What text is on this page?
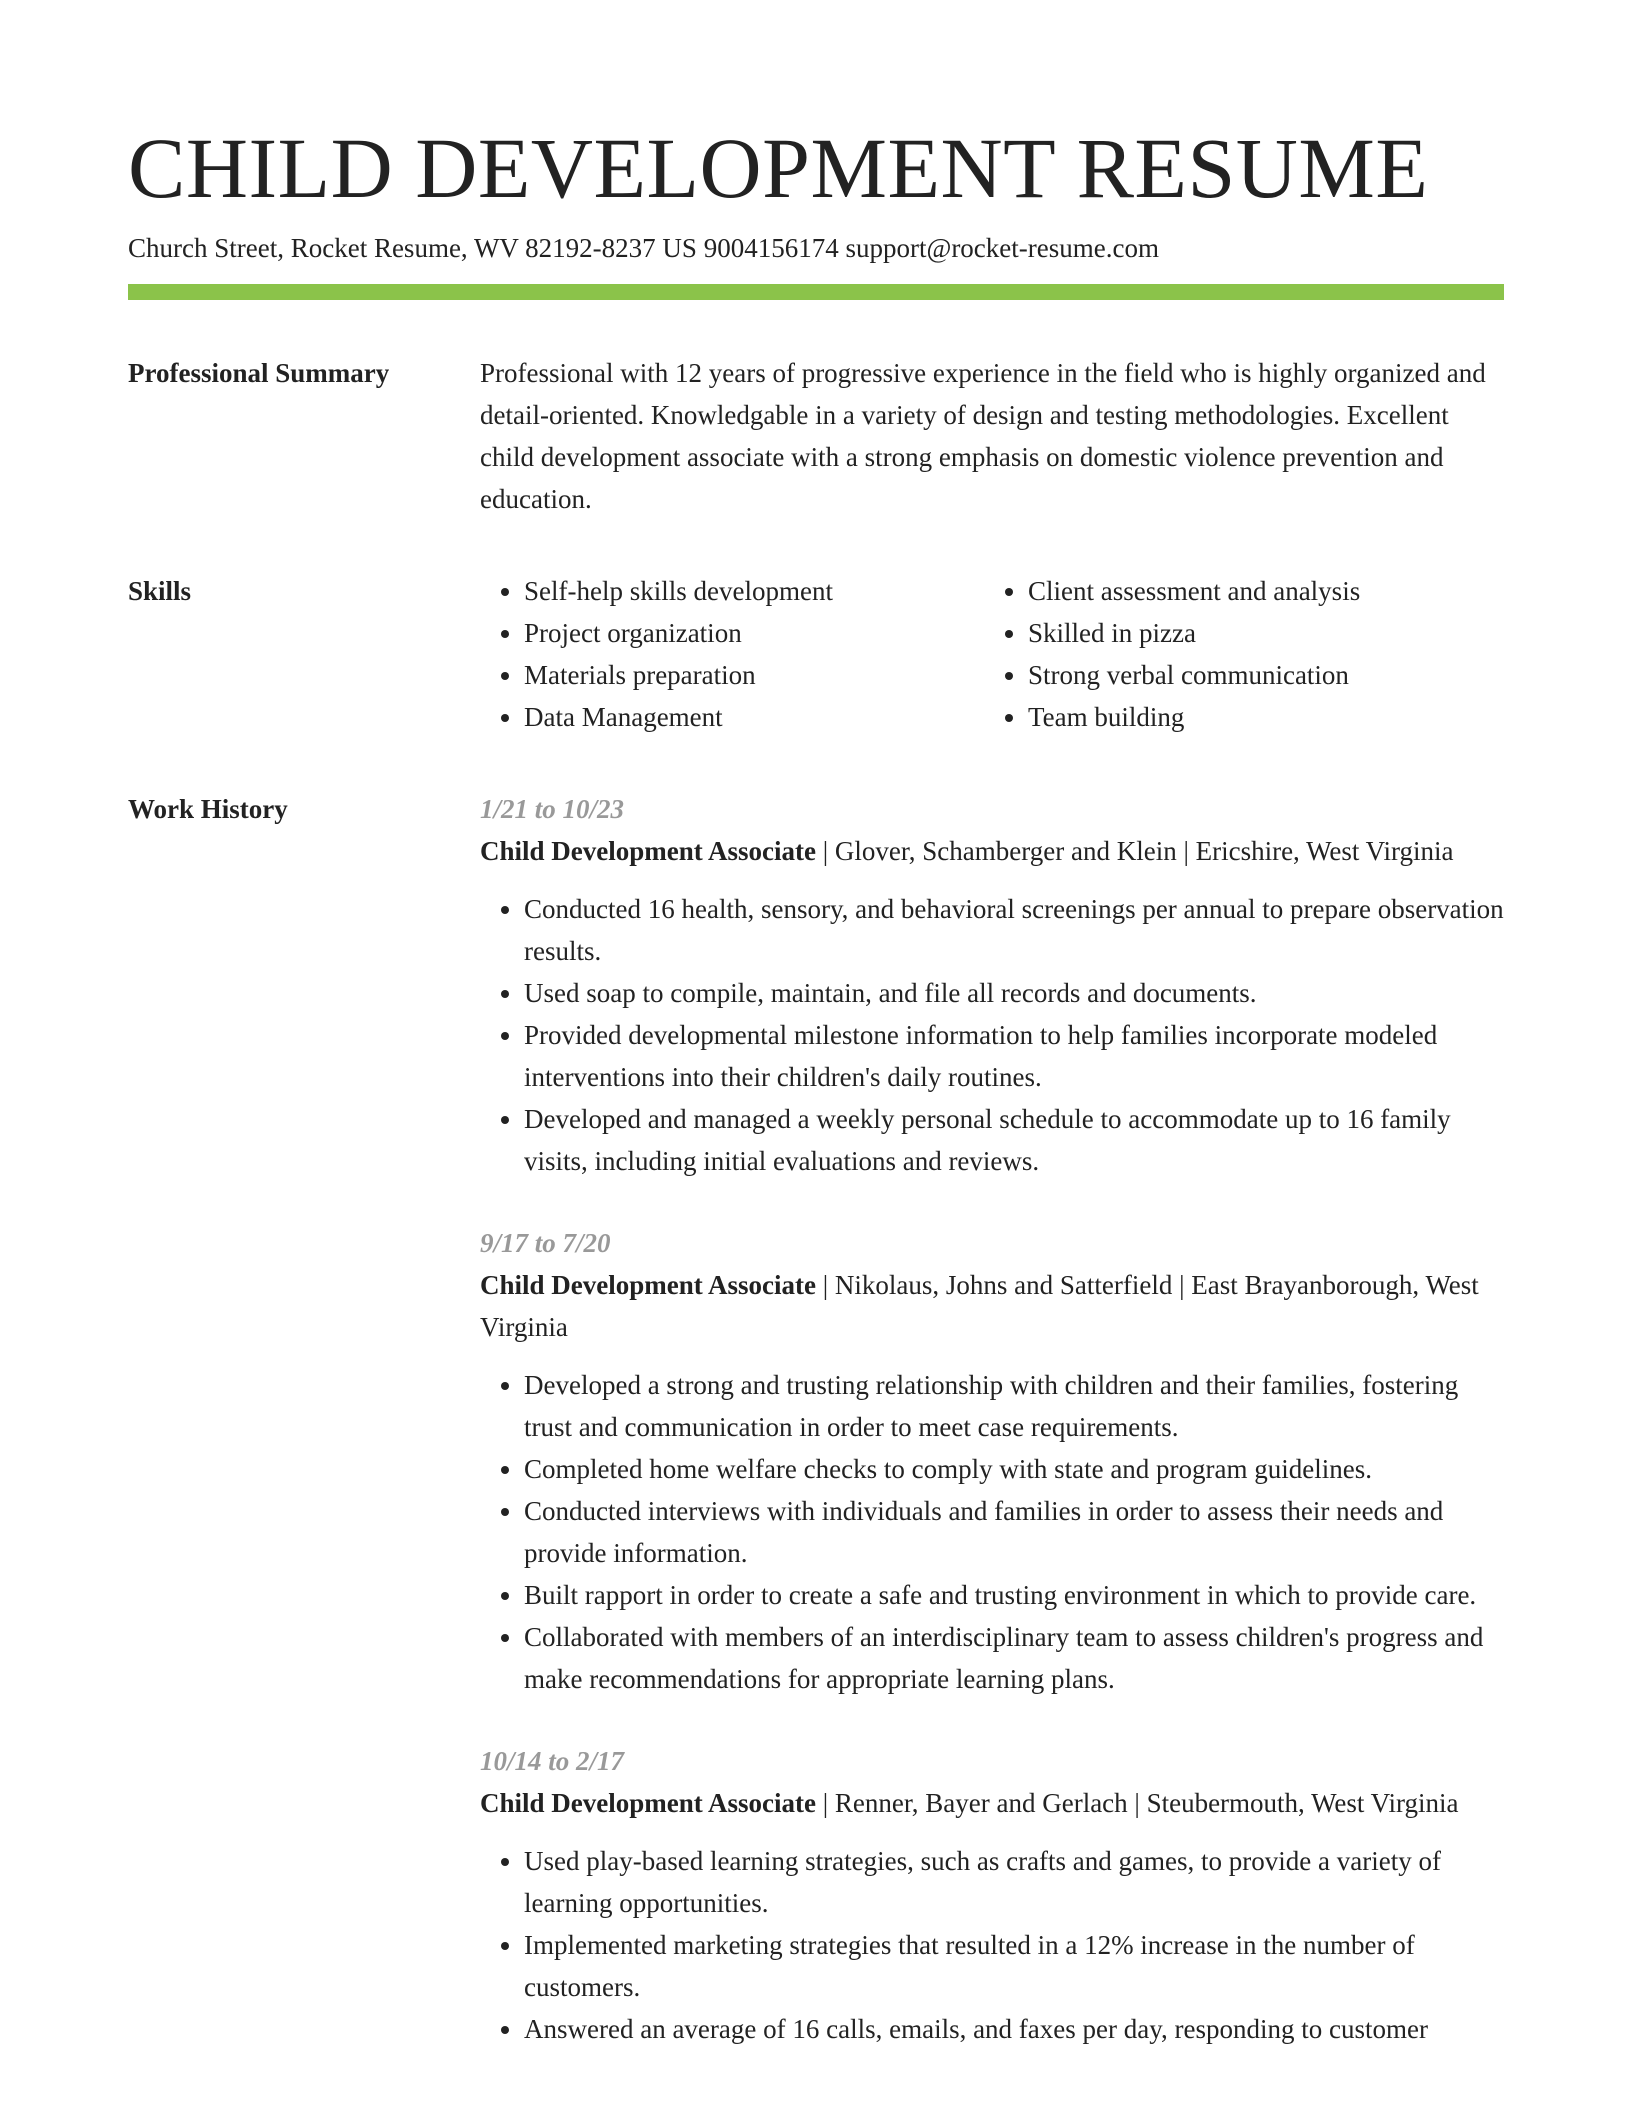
CHILD DEVELOPMENT RESUME
Church Street, Rocket Resume, WV 82192-8237 US 9004156174 support@rocket-resume.com
Professional Summary	Professional with 12 years of progressive experience in the field who is highly organized and detail-oriented. Knowledgable in a variety of design and testing methodologies. Excellent child development associate with a strong emphasis on domestic violence prevention and education.

Skills
•	Self-help skills development
• Project organization
• Materials preparation
• Data Management
• Client assessment and analysis
• Skilled in pizza
• Strong verbal communication
• Team building
Work History	1/21 to 10/23
Child Development Associate | Glover, Schamberger and Klein | Ericshire, West Virginia
• Conducted 16 health, sensory, and behavioral screenings per annual to prepare observation results.
• Used soap to compile, maintain, and file all records and documents.
• Provided developmental milestone information to help families incorporate modeled interventions into their children's daily routines.
• Developed and managed a weekly personal schedule to accommodate up to 16 family visits, including initial evaluations and reviews.
9/17 to 7/20
Child Development Associate | Nikolaus, Johns and Satterfield | East Brayanborough, West Virginia
• Developed a strong and trusting relationship with children and their families, fostering trust and communication in order to meet case requirements.
• Completed home welfare checks to comply with state and program guidelines.
• Conducted interviews with individuals and families in order to assess their needs and provide information.
• Built rapport in order to create a safe and trusting environment in which to provide care.
• Collaborated with members of an interdisciplinary team to assess children's progress and make recommendations for appropriate learning plans.
10/14 to 2/17
Child Development Associate | Renner, Bayer and Gerlach | Steubermouth, West Virginia
• Used play-based learning strategies, such as crafts and games, to provide a variety of learning opportunities.
• Implemented marketing strategies that resulted in a 12% increase in the number of customers.
• Answered an average of 16 calls, emails, and faxes per day, responding to customer
